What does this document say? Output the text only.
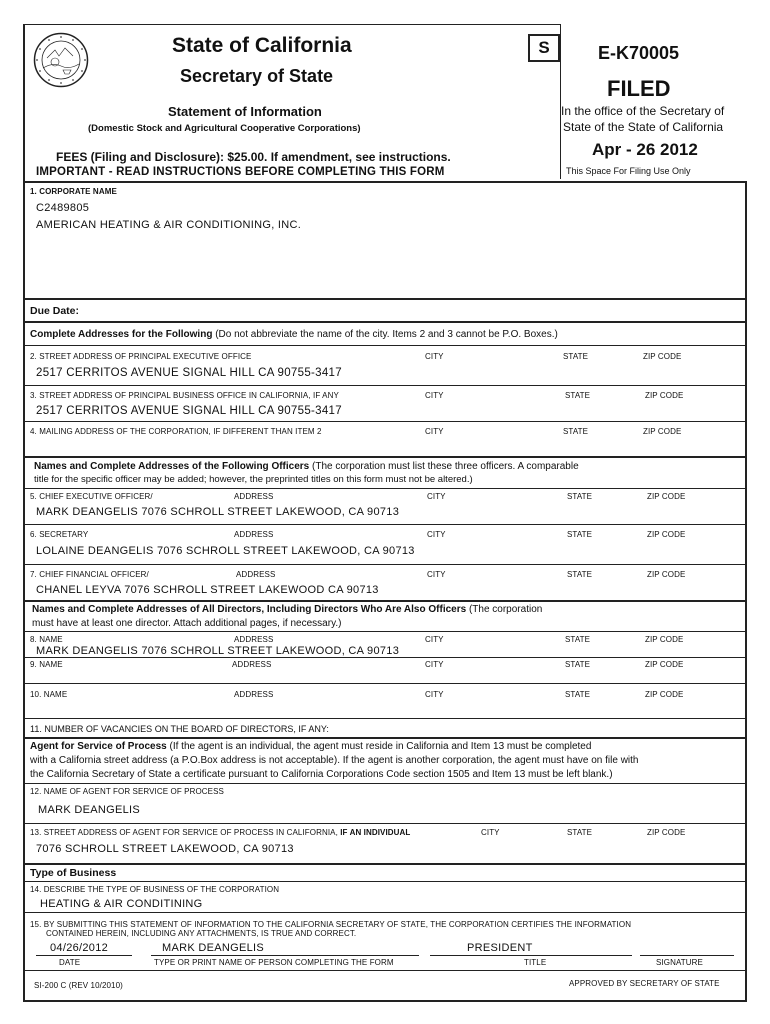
State of California
Secretary of State
S
Statement of Information
(Domestic Stock and Agricultural Cooperative Corporations)
FEES (Filing and Disclosure): $25.00. If amendment, see instructions.
IMPORTANT - READ INSTRUCTIONS BEFORE COMPLETING THIS FORM
E-K70005
FILED
In the office of the Secretary of
State of the State of California
Apr - 26 2012
This Space For Filing Use Only
1. CORPORATE NAME
C2489805
AMERICAN HEATING & AIR CONDITIONING, INC.
Due Date:
Complete Addresses for the Following (Do not abbreviate the name of the city. Items 2 and 3 cannot be P.O. Boxes.)
2. STREET ADDRESS OF PRINCIPAL EXECUTIVE OFFICE	CITY	STATE	ZIP CODE
2517 CERRITOS AVENUE SIGNAL HILL CA 90755-3417
3. STREET ADDRESS OF PRINCIPAL BUSINESS OFFICE IN CALIFORNIA, IF ANY	CITY	STATE	ZIP CODE
2517 CERRITOS AVENUE SIGNAL HILL CA 90755-3417
4. MAILING ADDRESS OF THE CORPORATION, IF DIFFERENT THAN ITEM 2	CITY	STATE	ZIP CODE
Names and Complete Addresses of the Following Officers (The corporation must list these three officers. A comparable
title for the specific officer may be added; however, the preprinted titles on this form must not be altered.)
5. CHIEF EXECUTIVE OFFICER/	ADDRESS	CITY	STATE	ZIP CODE
MARK DEANGELIS 7076 SCHROLL STREET LAKEWOOD, CA 90713
6. SECRETARY	ADDRESS	CITY	STATE	ZIP CODE
LOLAINE DEANGELIS 7076 SCHROLL STREET LAKEWOOD, CA 90713
7. CHIEF FINANCIAL OFFICER/	ADDRESS	CITY	STATE	ZIP CODE
CHANEL LEYVA 7076 SCHROLL STREET LAKEWOOD CA 90713
Names and Complete Addresses of All Directors, Including Directors Who Are Also Officers (The corporation
must have at least one director. Attach additional pages, if necessary.)
8. NAME	ADDRESS	CITY	STATE	ZIP CODE
MARK DEANGELIS 7076 SCHROLL STREET LAKEWOOD, CA 90713
9. NAME	ADDRESS	CITY	STATE	ZIP CODE
10. NAME	ADDRESS	CITY	STATE	ZIP CODE
11. NUMBER OF VACANCIES ON THE BOARD OF DIRECTORS, IF ANY:
Agent for Service of Process (If the agent is an individual, the agent must reside in California and Item 13 must be completed
with a California street address (a P.O.Box address is not acceptable). If the agent is another corporation, the agent must have on file with
the California Secretary of State a certificate pursuant to California Corporations Code section 1505 and Item 13 must be left blank.)
12. NAME OF AGENT FOR SERVICE OF PROCESS
MARK DEANGELIS
13. STREET ADDRESS OF AGENT FOR SERVICE OF PROCESS IN CALIFORNIA, IF AN INDIVIDUAL	CITY	STATE	ZIP CODE
7076 SCHROLL STREET LAKEWOOD, CA 90713
Type of Business
14. DESCRIBE THE TYPE OF BUSINESS OF THE CORPORATION
HEATING & AIR CONDITINING
15. BY SUBMITTING THIS STATEMENT OF INFORMATION TO THE CALIFORNIA SECRETARY OF STATE, THE CORPORATION CERTIFIES THE INFORMATION
CONTAINED HEREIN, INCLUDING ANY ATTACHMENTS, IS TRUE AND CORRECT.
04/26/2012	MARK DEANGELIS	PRESIDENT
DATE	TYPE OR PRINT NAME OF PERSON COMPLETING THE FORM	TITLE	SIGNATURE
SI-200 C (REV 10/2010)	APPROVED BY SECRETARY OF STATE
